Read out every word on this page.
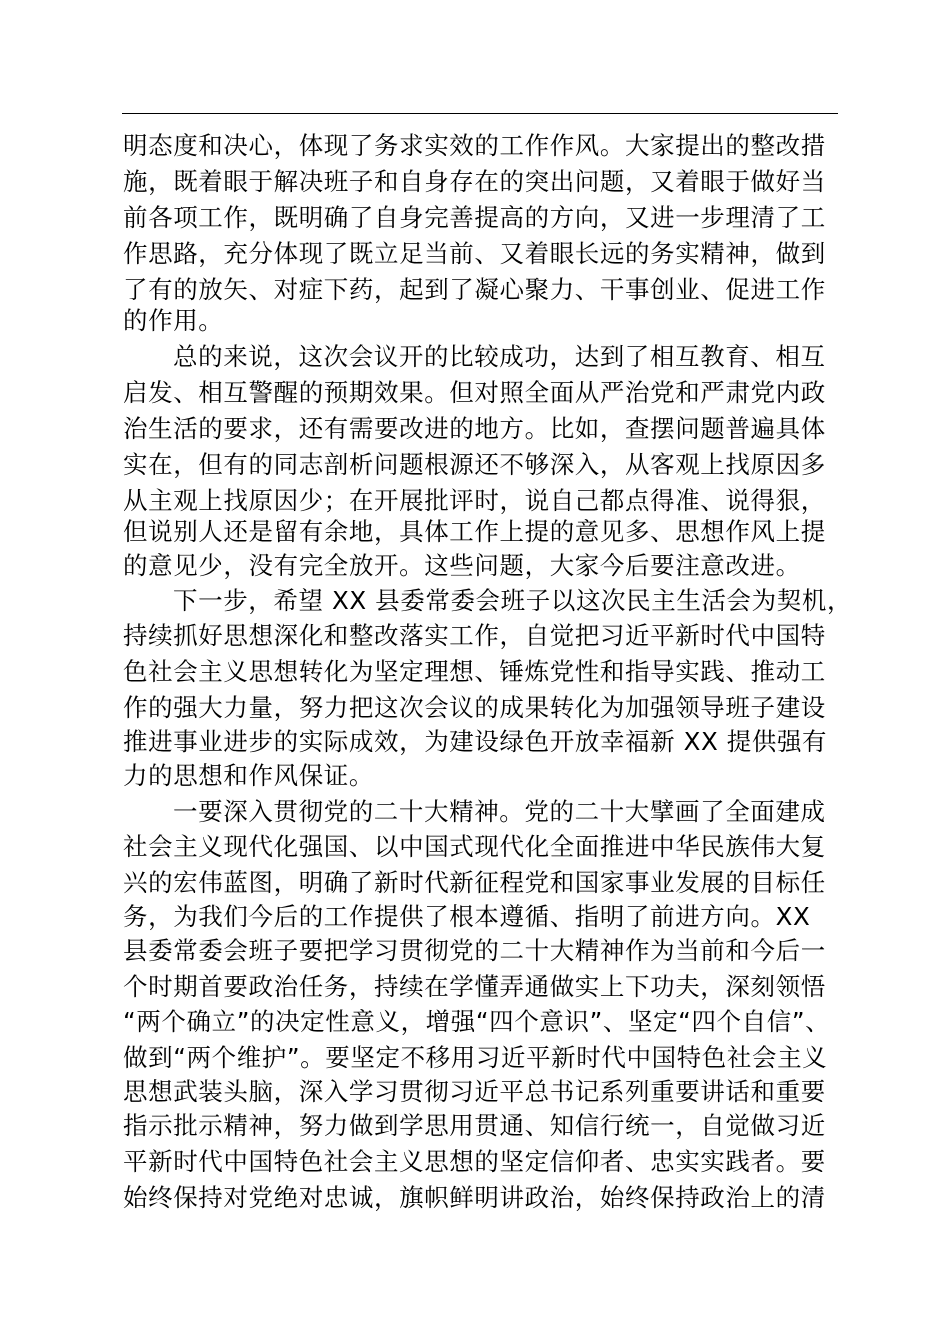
明态度和决心，体现了务求实效的工作作风。大家提出的整改措
施，既着眼于解决班子和自身存在的突出问题，又着眼于做好当
前各项工作，既明确了自身完善提高的方向，又进一步理清了工
作思路，充分体现了既立足当前、又着眼长远的务实精神，做到
了有的放矢、对症下药，起到了凝心聚力、干事创业、促进工作
的作用。
总的来说，这次会议开的比较成功，达到了相互教育、相互
启发、相互警醒的预期效果。但对照全面从严治党和严肃党内政
治生活的要求，还有需要改进的地方。比如，查摆问题普遍具体
实在，但有的同志剖析问题根源还不够深入，从客观上找原因多
从主观上找原因少；在开展批评时，说自己都点得准、说得狠，
但说别人还是留有余地，具体工作上提的意见多、思想作风上提
的意见少，没有完全放开。这些问题，大家今后要注意改进。
下一步，希望 XX 县委常委会班子以这次民主生活会为契机，
持续抓好思想深化和整改落实工作，自觉把习近平新时代中国特
色社会主义思想转化为坚定理想、锤炼党性和指导实践、推动工
作的强大力量，努力把这次会议的成果转化为加强领导班子建设
推进事业进步的实际成效，为建设绿色开放幸福新 XX 提供强有
力的思想和作风保证。
一要深入贯彻党的二十大精神。党的二十大擘画了全面建成
社会主义现代化强国、以中国式现代化全面推进中华民族伟大复
兴的宏伟蓝图，明确了新时代新征程党和国家事业发展的目标任
务，为我们今后的工作提供了根本遵循、指明了前进方向。XX
县委常委会班子要把学习贯彻党的二十大精神作为当前和今后一
个时期首要政治任务，持续在学懂弄通做实上下功夫，深刻领悟
“两个确立”的决定性意义，增强“四个意识”、坚定“四个自信”、
做到“两个维护”。要坚定不移用习近平新时代中国特色社会主义
思想武装头脑，深入学习贯彻习近平总书记系列重要讲话和重要
指示批示精神，努力做到学思用贯通、知信行统一，自觉做习近
平新时代中国特色社会主义思想的坚定信仰者、忠实实践者。要
始终保持对党绝对忠诚，旗帜鲜明讲政治，始终保持政治上的清
